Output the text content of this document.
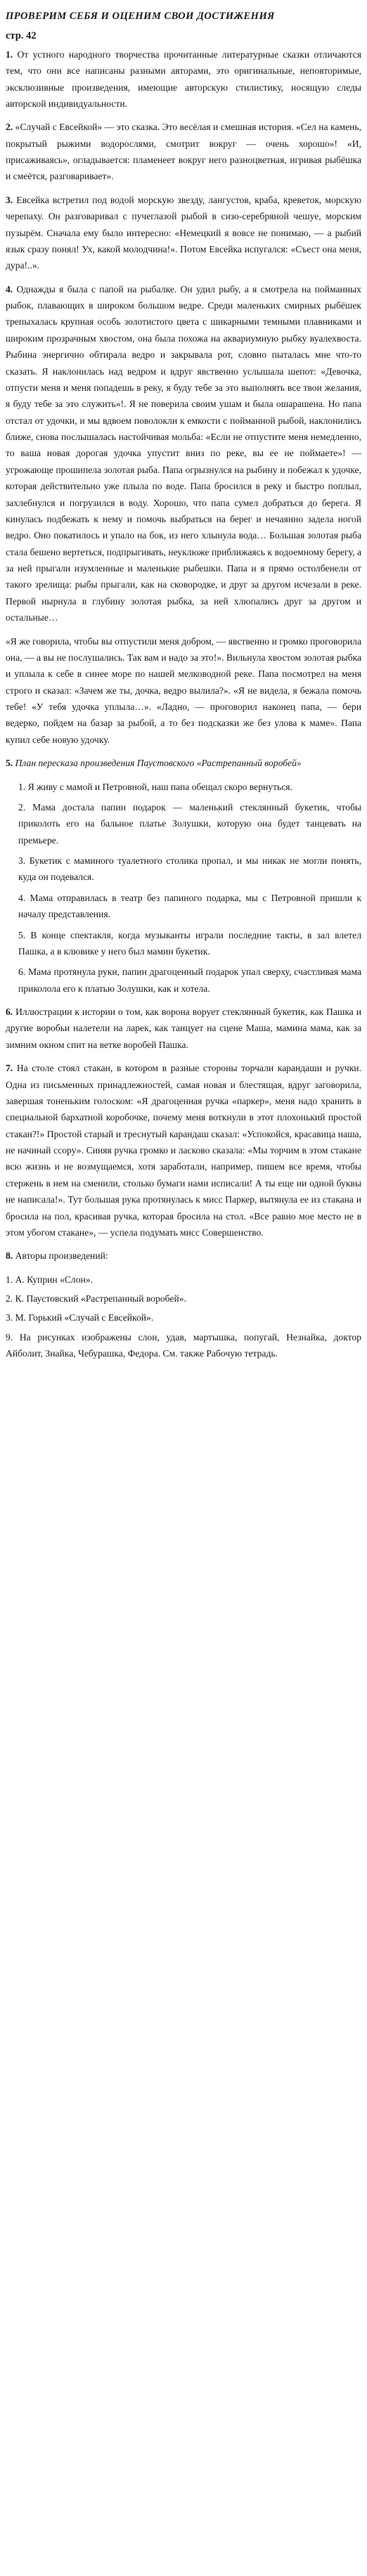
ПРОВЕРИМ СЕБЯ И ОЦЕНИМ СВОИ ДОСТИЖЕНИЯ
стр. 42

1. От устного народного творчества прочитанные литературные сказки отличаются тем, что они все написаны разными авторами, это оригинальные, неповторимые, эксклюзивные произведения, имеющие авторскую стилистику, носящую следы авторской индивидуальности.

2. «Случай с Евсейкой» — это сказка. Это весёлая и смешная история. «Сел на камень, покрытый рыжими водорослями, смотрит вокруг — очень хорошо»! «И, присаживаясь», огладывается: пламенеет вокруг него разноцветная, игривая рыбёшка и смеётся, разговаривает».

3. Евсейка встретил под водой морскую звезду, лангустов, краба, креветок, морскую черепаху. Он разговаривал с пучеглазой рыбой в сизо-серебряной чешуе, морским пузырём. Сначала ему было интересно: «Немецкий я вовсе не понимаю, — а рыбий язык сразу понял! Ух, какой молодчина!». Потом Евсейка испугался: «Съест она меня, дура!..».

4. Однажды я была с папой на рыбалке. Он удил рыбу, а я смотрела на пойманных рыбок, плавающих в широком большом ведре. Среди маленьких смирных рыбёшек трепыхалась крупная особь золотистого цвета с шикарными темными плавниками и широким прозрачным хвостом, она была похожа на аквариумную рыбку вуалехвоста. Рыбина энергично обтирала ведро и закрывала рот, словно пыталась мне что-то сказать. Я наклонилась над ведром и вдруг явственно услышала шепот: «Девочка, отпусти меня и меня попадешь в реку, я буду тебе за это выполнять все твои желания, я буду тебе за это служить»!. Я не поверила своим ушам и была ошарашена. Но папа отстал от удочки, и мы вдвоем поволокли к емкости с пойманной рыбой, наклонились ближе, снова послышалась настойчивая мольба: «Если не отпустите меня немедленно, то ваша новая дорогая удочка упустит вниз по реке, вы ее не поймаете»! — угрожающе прошипела золотая рыба. Папа огрызнулся на рыбину и побежал к удочке, которая действительно уже плыла по воде. Папа бросился в реку и быстро поплыл, захлебнулся и погрузился в воду. Хорошо, что папа сумел добраться до берега. Я кинулась подбежать к нему и помочь выбраться на берег и нечаянно задела ногой ведро. Оно покатилось и упало на бок, из него хлынула вода… Большая золотая рыба стала бешено вертеться, подпрыгивать, неуклюже приближаясь к водоемному берегу, а за ней прыгали изумленные и маленькие рыбешки. Папа и я прямо остолбенели от такого зрелища: рыбы прыгали, как на сковородке, и друг за другом исчезали в реке. Первой нырнула в глубину золотая рыбка, за ней хлюпались друг за другом и остальные…

«Я же говорила, чтобы вы отпустили меня добром, — явственно и громко проговорила она, — а вы не послушались. Так вам и надо за это!». Вильнула хвостом золотая рыбка и уплыла к себе в синее море по нашей мелководной реке. Папа посмотрел на меня строго и сказал: «Зачем же ты, дочка, ведро вылила?». «Я не видела, я бежала помочь тебе! «У тебя удочка уплыла…». «Ладно, — проговорил наконец папа, — бери ведерко, пойдем на базар за рыбой, а то без подсказки же без улова к маме». Папа купил себе новую удочку.

5. План пересказа произведения Паустовского «Растрепанный воробей»

1. Я живу с мамой и Петровной, наш папа обещал скоро вернуться.

2. Мама достала папин подарок — маленький стеклянный букетик, чтобы приколоть его на бальное платье Золушки, которую она будет танцевать на премьере.

3. Букетик с маминого туалетного столика пропал, и мы никак не могли понять, куда он подевался.

4. Мама отправилась в театр без папиного подарка, мы с Петровной пришли к началу представления.

5. В конце спектакля, когда музыканты играли последние такты, в зал влетел Пашка, а в клювике у него был мамин букетик.

6. Мама протянула руки, папин драгоценный подарок упал сверху, счастливая мама приколола его к платью Золушки, как и хотела.

6. Иллюстрации к истории о том, как ворона ворует стеклянный букетик, как Пашка и другие воробьи налетели на ларек, как танцует на сцене Маша, мамина мама, как за зимним окном спит на ветке воробей Пашка.

7. На столе стоял стакан, в котором в разные стороны торчали карандаши и ручки. Одна из письменных принадлежностей, самая новая и блестящая, вдруг заговорила, завершая тоненьким голоском: «Я драгоценная ручка «паркер», меня надо хранить в специальной бархатной коробочке, почему меня воткнули в этот плохонький простой стакан?!» Простой старый и треснутый карандаш сказал: «Успокойся, красавица наша, не начинай ссору». Синяя ручка громко и ласково сказала: «Мы торчим в этом стакане всю жизнь и не возмущаемся, хотя заработали, например, пишем все время, чтобы стержень в нем на сменили, столько бумаги нами исписали! А ты еще ни одной буквы не написала!». Тут большая рука протянулась к мисс Паркер, вытянула ее из стакана и бросила на пол, красивая ручка, которая бросила на стол. «Все равно мое место не в этом убогом стакане», — успела подумать мисс Совершенство.

8. Авторы произведений:

1. А. Куприн «Слон».

2. К. Паустовский «Растрепанный воробей».

3. М. Горький «Случай с Евсейкой».

9. На рисунках изображены слон, удав, мартышка, попугай, Незнайка, доктор Айболит, Знайка, Чебурашка, Федора. См. также Рабочую тетрадь.
